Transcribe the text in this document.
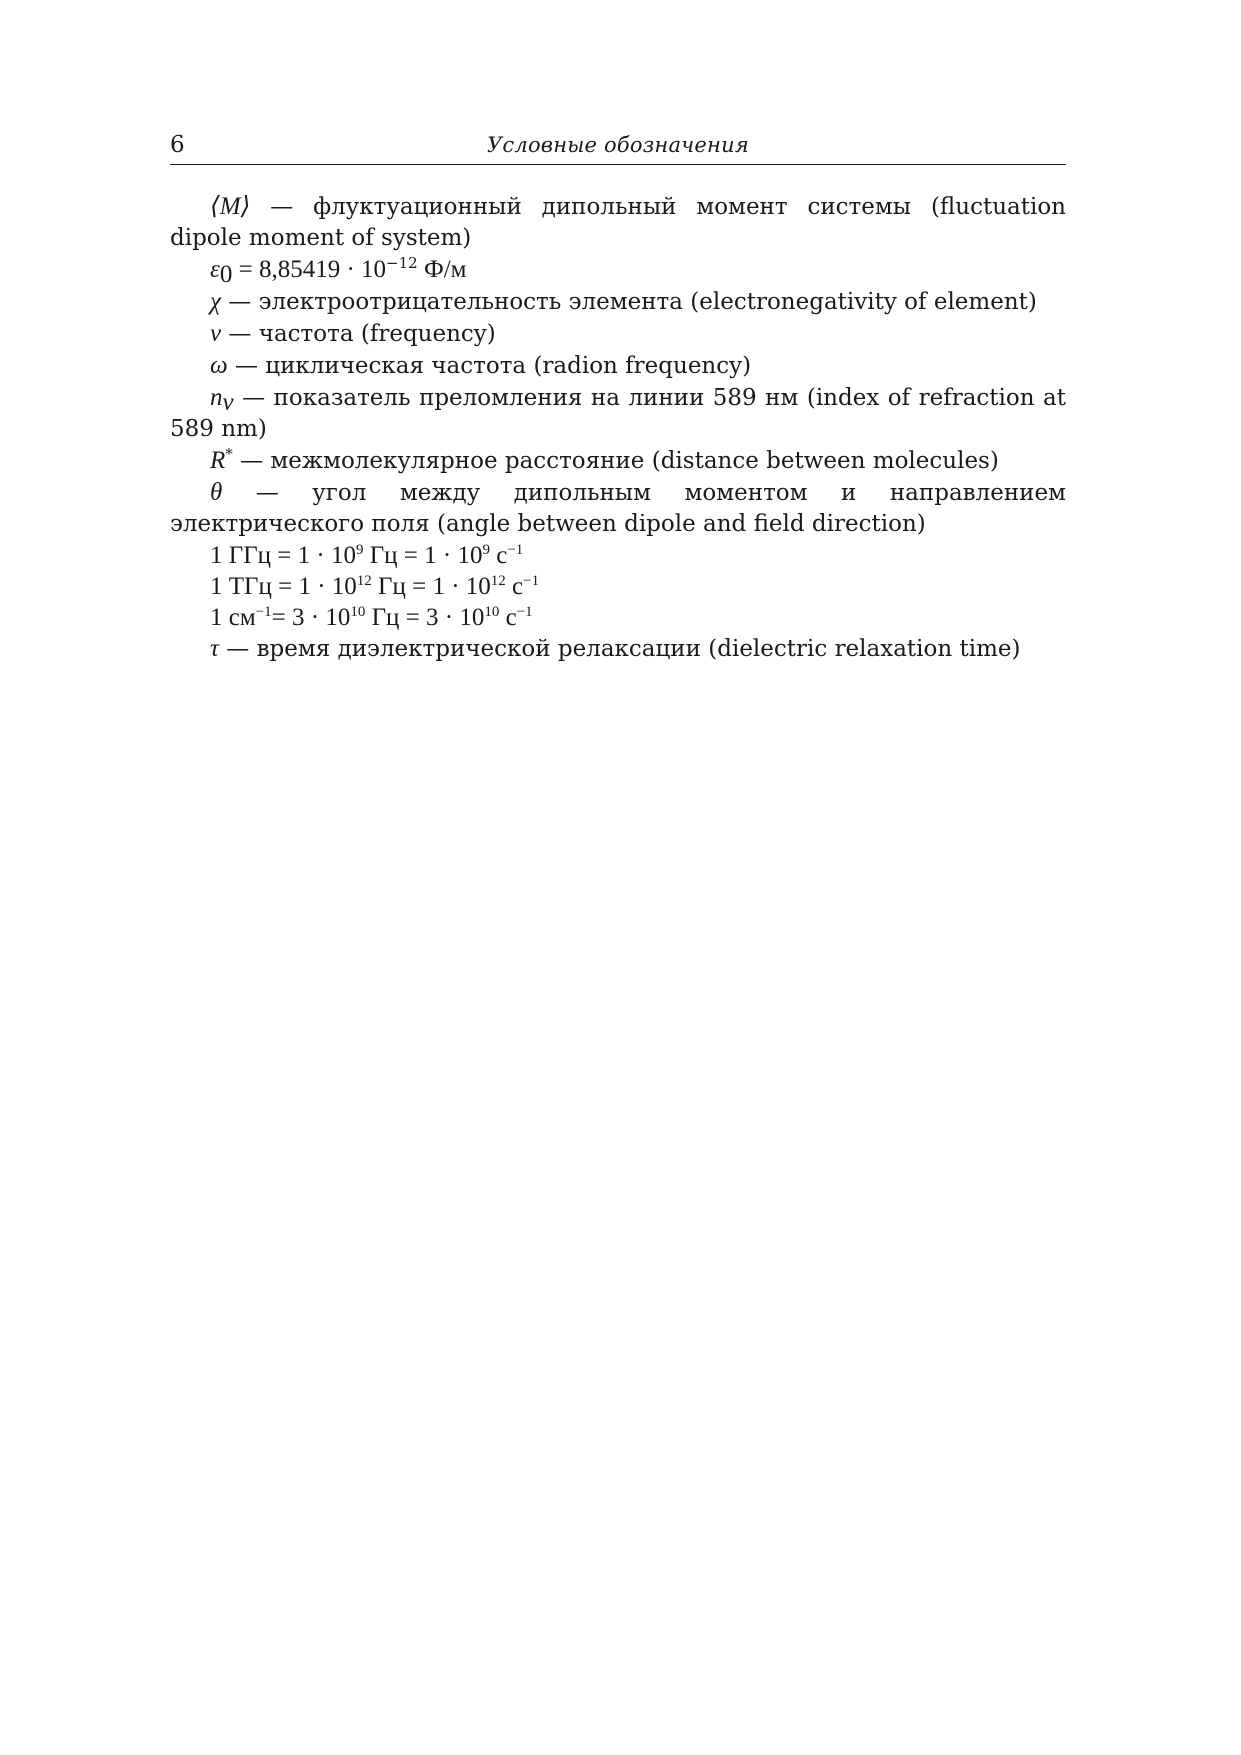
6	Условные обозначения

⟨M⟩ — флуктуационный дипольный момент системы (fluctuation dipole moment of system)

$\varepsilon_0 = 8,85419 \cdot 10^{-12}$ Ф/м

χ — электроотрицательность элемента (electronegativity of element)

ν — частота (frequency)

ω — циклическая частота (radion frequency)

$n_\nu$ — показатель преломления на линии 589 нм (index of refraction at 589 nm)

R* — межмолекулярное расстояние (distance between molecules)

θ — угол между дипольным моментом и направлением электрического поля (angle between dipole and field direction)

1 ГГц = $1 \cdot 10^9$ Гц = $1 \cdot 10^9$ $с^{-1}$

1 ТГц = $1 \cdot 10^{12}$ Гц = $1 \cdot 10^{12}$ $с^{-1}$

1 $см^{-1}= 3 \cdot 10^{10}$ Гц = $3 \cdot 10^{10}$ $с^{-1}$

τ — время диэлектрической релаксации (dielectric relaxation time)
